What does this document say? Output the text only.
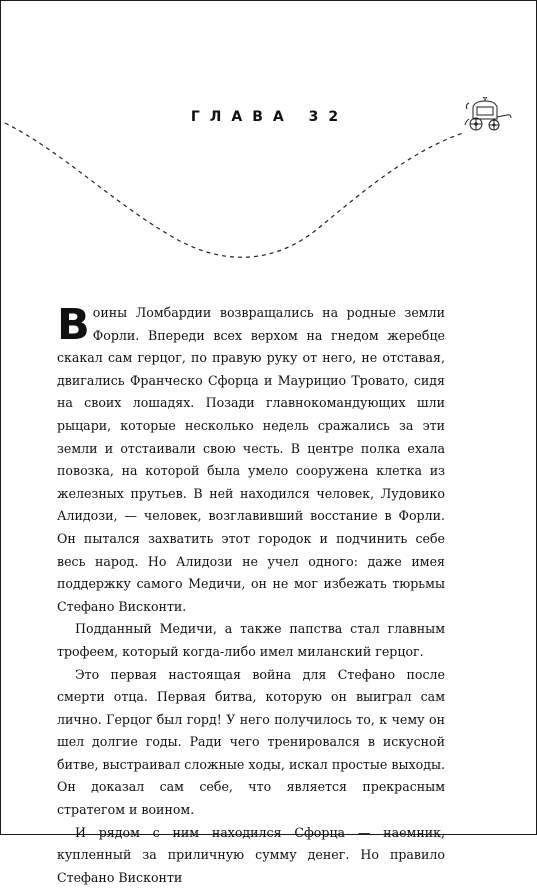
ГЛАВА 32

Воины Ломбардии возвращались на родные земли Форли. Впереди всех верхом на гнедом жеребце скакал сам герцог, по правую руку от него, не отставая, двигались Франческо Сфорца и Маурицио Тровато, сидя на своих лошадях. Позади главнокомандующих шли рыцари, которые несколько недель сражались за эти земли и отстаивали свою честь. В центре полка ехала повозка, на которой была умело сооружена клетка из железных прутьев. В ней находился человек, Лудовико Алидози, — человек, возглавивший восстание в Форли. Он пытался захватить этот городок и подчинить себе весь народ. Но Алидози не учел одного: даже имея поддержку самого Медичи, он не мог избежать тюрьмы Стефано Висконти.

Подданный Медичи, а также папства стал главным трофеем, который когда-либо имел миланский герцог.

Это первая настоящая война для Стефано после смерти отца. Первая битва, которую он выиграл сам лично. Герцог был горд! У него получилось то, к чему он шел долгие годы. Ради чего тренировался в искусной битве, выстраивал сложные ходы, искал простые выходы. Он доказал сам себе, что является прекрасным стратегом и воином.

И рядом с ним находился Сфорца — наемник, купленный за приличную сумму денег. Но правило Стефано Висконти
